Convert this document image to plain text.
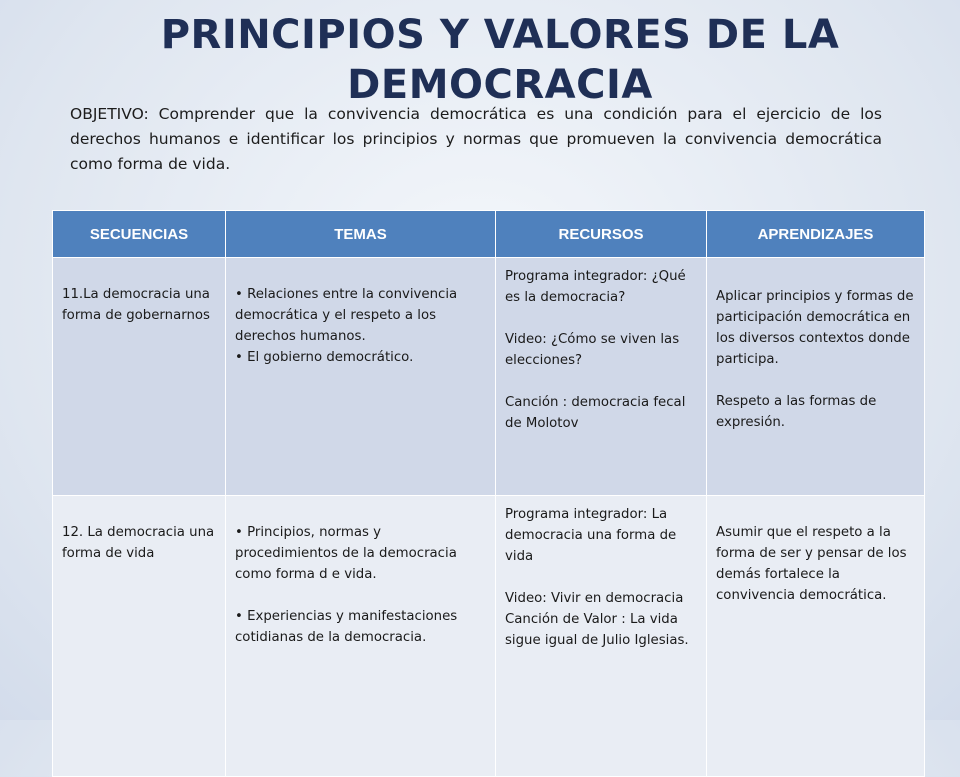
PRINCIPIOS Y VALORES DE LA DEMOCRACIA

OBJETIVO: Comprender que la convivencia democrática es una condición para el ejercicio de los derechos humanos e identificar los principios y normas que promueven la convivencia democrática como forma de vida.

SECUENCIAS	TEMAS	RECURSOS	APRENDIZAJES

11.La democracia una forma de gobernarnos	• Relaciones entre la convivencia democrática y el respeto a los derechos humanos.
• El gobierno democrático.	Programa integrador: ¿Qué es la democracia?
Video: ¿Cómo se viven las elecciones?
Canción : democracia fecal de Molotov	Aplicar principios y formas de participación democrática en los diversos contextos donde participa.
Respeto a las formas de expresión.

12. La democracia una forma de vida	• Principios, normas y procedimientos de la democracia como forma d e vida.
• Experiencias y manifestaciones cotidianas de la democracia.	Programa integrador: La democracia una forma de vida
Video: Vivir en democracia
Canción de Valor : La vida sigue igual de Julio Iglesias.	Asumir que el respeto a la forma de ser y pensar de los demás fortalece la convivencia democrática.
